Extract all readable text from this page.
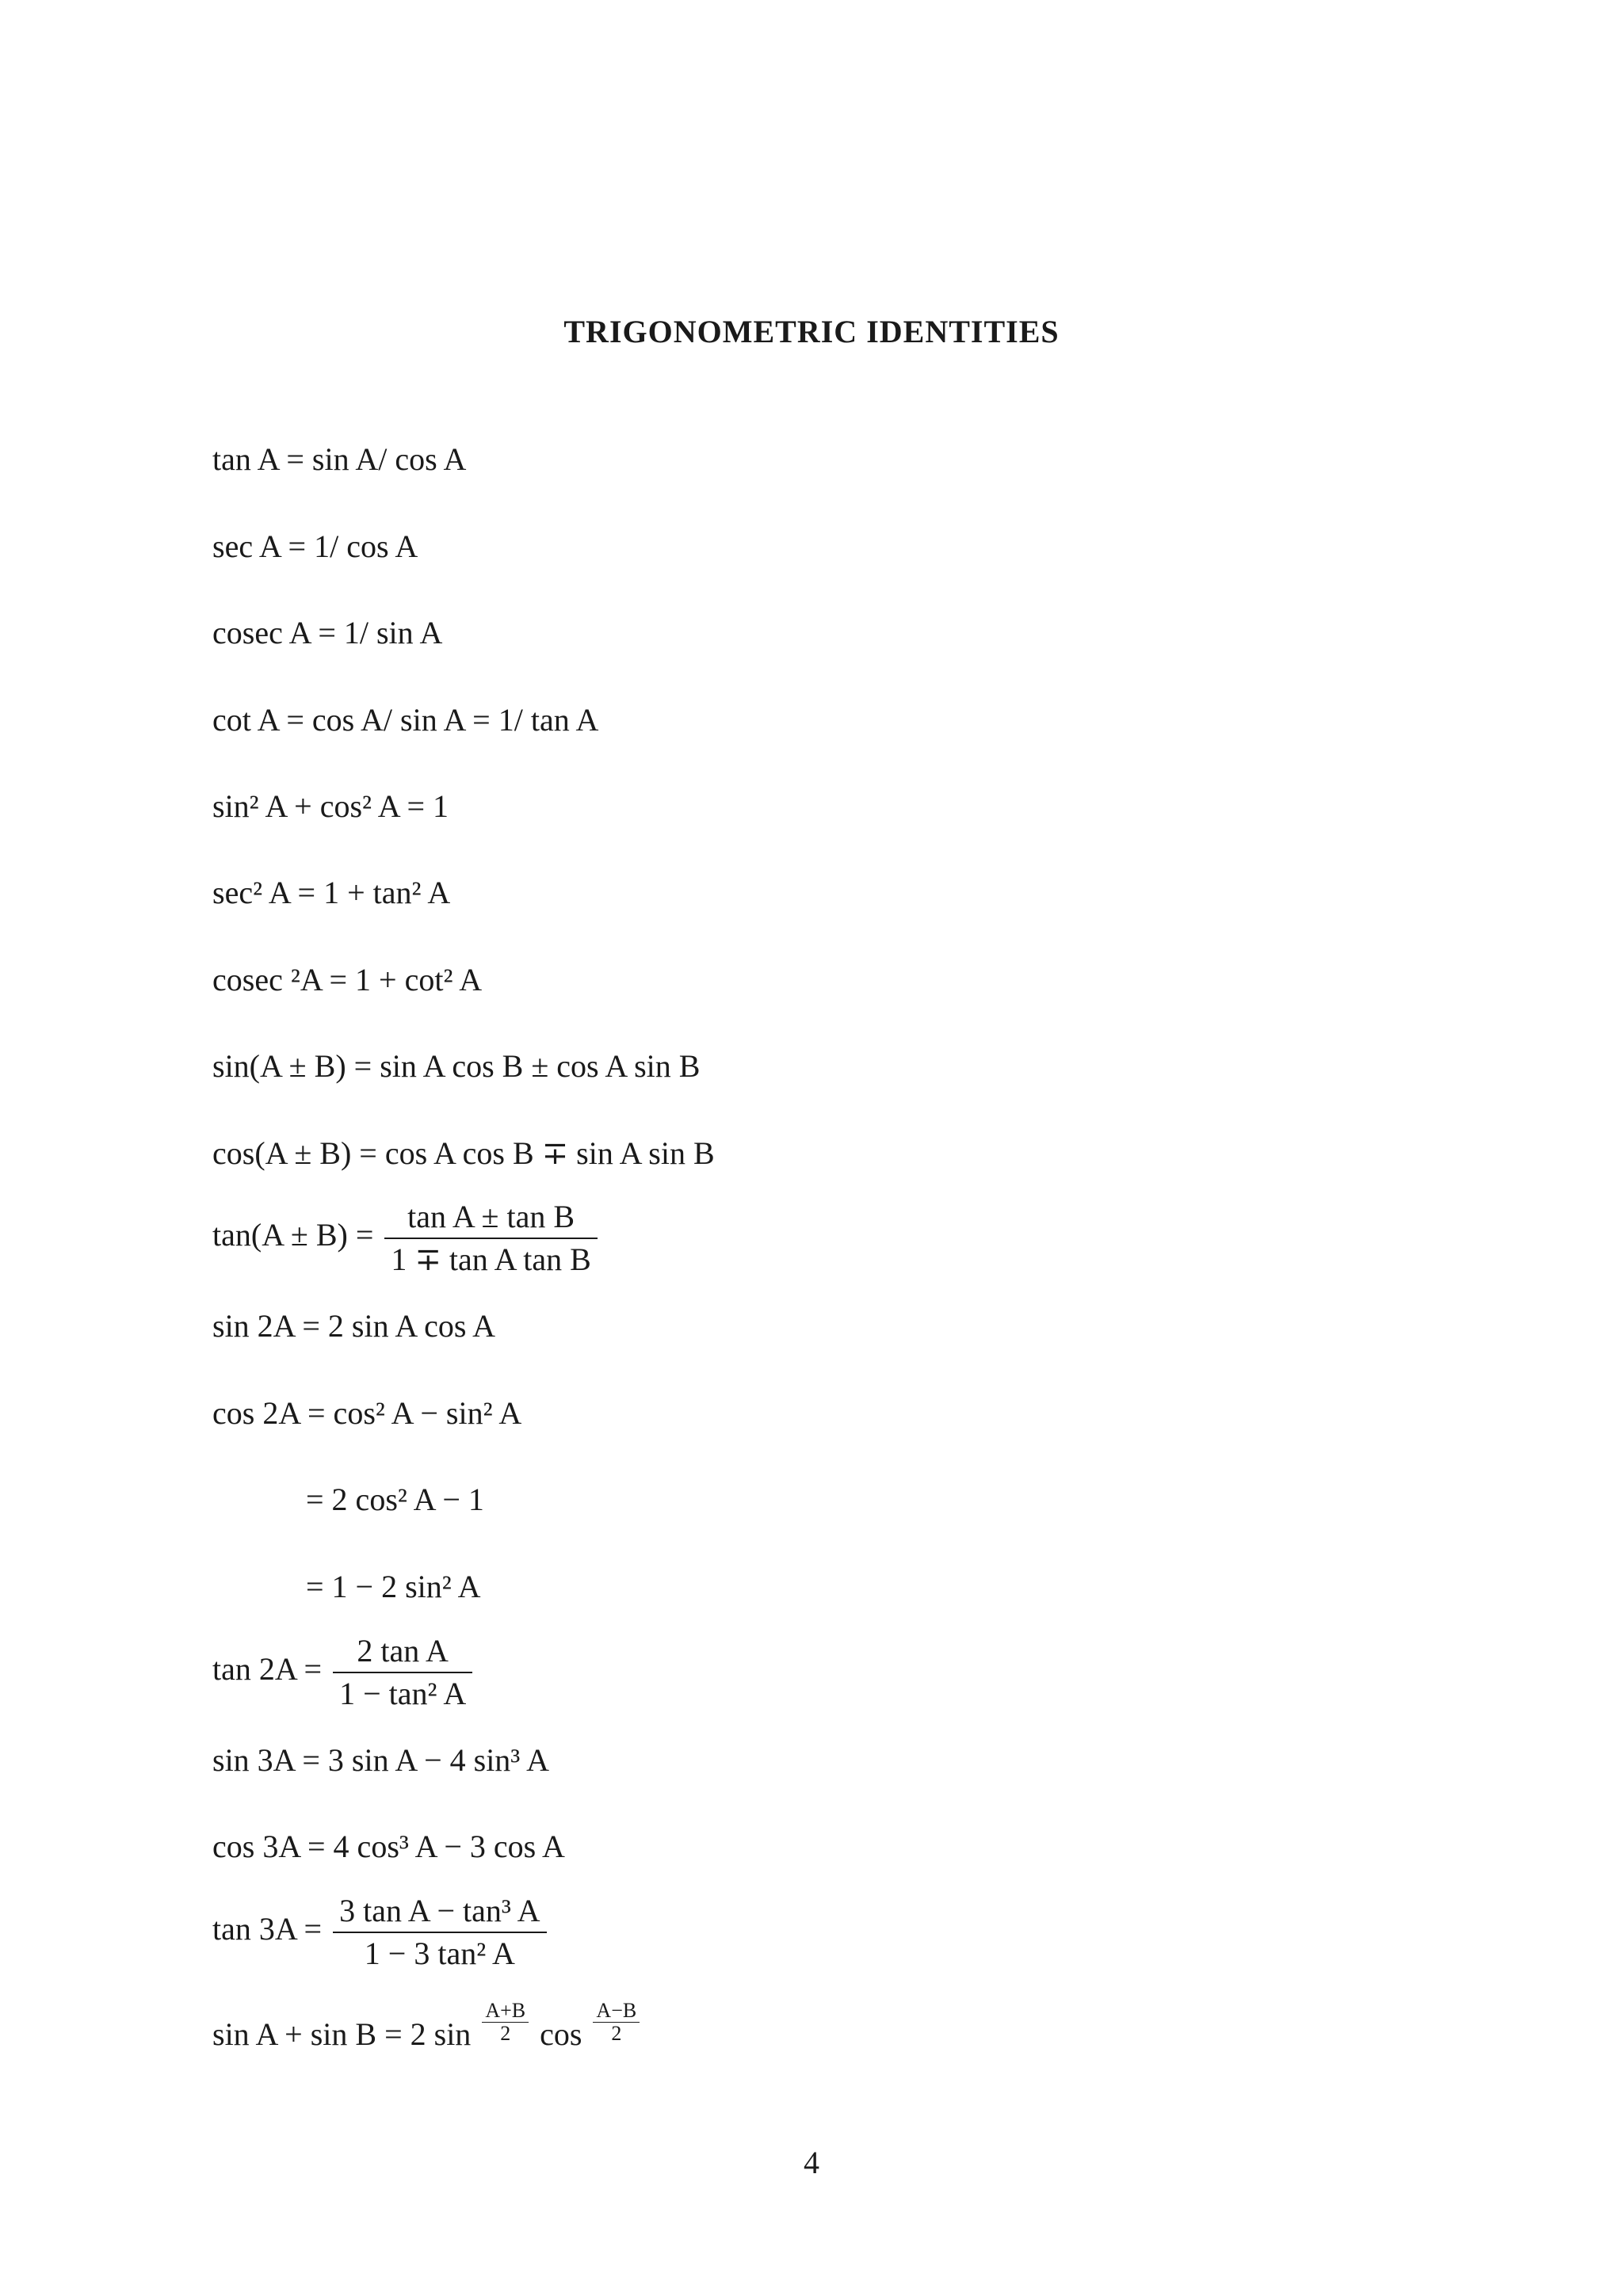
TRIGONOMETRIC IDENTITIES
tan A = sin A/ cos A
sec A = 1/ cos A
cosec A = 1/ sin A
cot A = cos A/ sin A = 1/ tan A
sin² A + cos² A = 1
sec² A = 1 + tan² A
cosec ²A = 1 + cot² A
sin(A ± B) = sin A cos B ± cos A sin B
cos(A ± B) = cos A cos B ∓ sin A sin B
$\tan(A \pm B) = \frac{\text{tan A ± tan B}}{\text{1 ∓ tan A tan B}}$
sin 2A = 2 sin A cos A
cos 2A = cos² A − sin² A
= 2 cos² A − 1
= 1 − 2 sin² A
$\tan 2A = \frac{\text{2 tan A}}{\text{1 − tan² A}}$
sin 3A = 3 sin A − 4 sin³ A
cos 3A = 4 cos³ A − 3 cos A
$\tan 3A = \frac{\text{3 tan A − tan³ A}}{\text{1 − 3 tan² A}}$
sin A + sin B = 2 $\sin \frac{A+B}{2}$ $\cos \frac{A-B}{2}$
4
